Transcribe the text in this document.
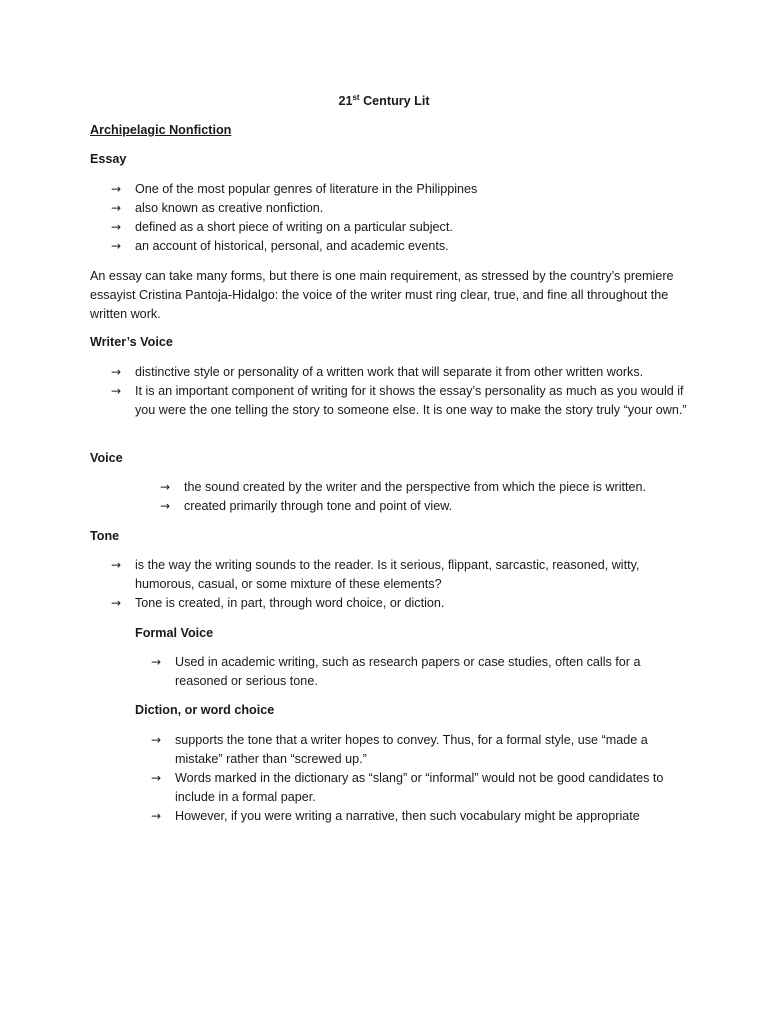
21st Century Lit
Archipelagic Nonfiction
Essay
→	One of the most popular genres of literature in the Philippines
→	also known as creative nonfiction.
→	defined as a short piece of writing on a particular subject.
→	an account of historical, personal, and academic events.
An essay can take many forms, but there is one main requirement, as stressed by the country’s premiere essayist Cristina Pantoja-Hidalgo: the voice of the writer must ring clear, true, and fine all throughout the written work.
Writer’s Voice
→	distinctive style or personality of a written work that will separate it from other written works.
→	It is an important component of writing for it shows the essay’s personality as much as you would if you were the one telling the story to someone else. It is one way to make the story truly “your own.”
Voice
→	the sound created by the writer and the perspective from which the piece is written.
→	created primarily through tone and point of view.
Tone
→	is the way the writing sounds to the reader. Is it serious, flippant, sarcastic, reasoned, witty, humorous, casual, or some mixture of these elements?
→	Tone is created, in part, through word choice, or diction.
Formal Voice
→	Used in academic writing, such as research papers or case studies, often calls for a reasoned or serious tone.
Diction, or word choice
→	supports the tone that a writer hopes to convey. Thus, for a formal style, use “made a mistake” rather than “screwed up.”
→	Words marked in the dictionary as “slang” or “informal” would not be good candidates to include in a formal paper.
→	However, if you were writing a narrative, then such vocabulary might be appropriate
